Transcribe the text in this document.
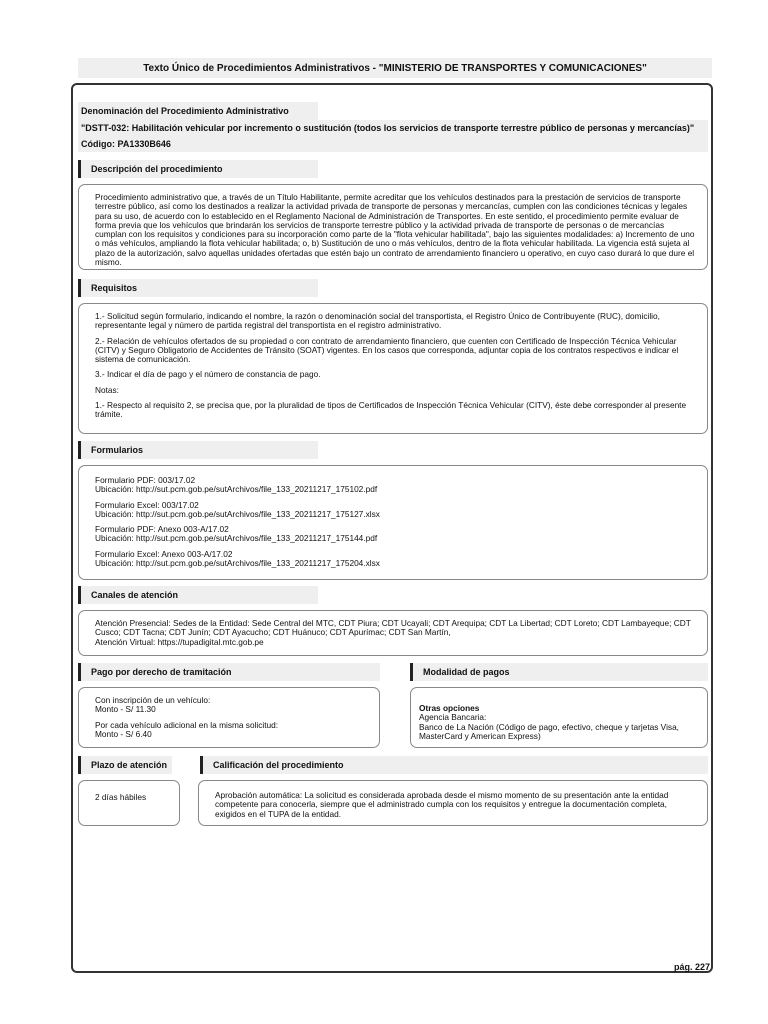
Texto Único de Procedimientos Administrativos - "MINISTERIO DE TRANSPORTES Y COMUNICACIONES"
Denominación del Procedimiento Administrativo
"DSTT-032: Habilitación vehicular por incremento o sustitución (todos los servicios de transporte terrestre público de personas y mercancías)"
Código: PA1330B646
Descripción del procedimiento

Procedimiento administrativo que, a través de un Título Habilitante, permite acreditar que los vehículos destinados para la prestación de servicios de transporte terrestre público, así como los destinados a realizar la actividad privada de transporte de personas y mercancías, cumplen con las condiciones técnicas y legales para su uso, de acuerdo con lo establecido en el Reglamento Nacional de Administración de Transportes. En este sentido, el procedimiento permite evaluar de forma previa que los vehículos que brindarán los servicios de transporte terrestre público y la actividad privada de transporte de personas o de mercancías cumplan con los requisitos y condiciones para su incorporación como parte de la "flota vehicular habilitada", bajo las siguientes modalidades: a) Incremento de uno o más vehículos, ampliando la flota vehicular habilitada; o, b) Sustitución de uno o más vehículos, dentro de la flota vehicular habilitada. La vigencia está sujeta al plazo de la autorización, salvo aquellas unidades ofertadas que estén bajo un contrato de arrendamiento financiero u operativo, en cuyo caso durará lo que dure el mismo.

Requisitos

1.- Solicitud según formulario, indicando el nombre, la razón o denominación social del transportista, el Registro Único de Contribuyente (RUC), domicilio, representante legal y número de partida registral del transportista en el registro administrativo.

2.- Relación de vehículos ofertados de su propiedad o con contrato de arrendamiento financiero, que cuenten con Certificado de Inspección Técnica Vehicular (CITV) y Seguro Obligatorio de Accidentes de Tránsito (SOAT) vigentes. En los casos que corresponda, adjuntar copia de los contratos respectivos e indicar el sistema de comunicación.

3.- Indicar el día de pago y el número de constancia de pago.

Notas:

1.- Respecto al requisito 2, se precisa que, por la pluralidad de tipos de Certificados de Inspección Técnica Vehicular (CITV), éste debe corresponder al presente trámite.

Formularios
Formulario PDF: 003/17.02
Ubicación: http://sut.pcm.gob.pe/sutArchivos/file_133_20211217_175102.pdf
Formulario Excel: 003/17.02
Ubicación: http://sut.pcm.gob.pe/sutArchivos/file_133_20211217_175127.xlsx
Formulario PDF: Anexo 003-A/17.02
Ubicación: http://sut.pcm.gob.pe/sutArchivos/file_133_20211217_175144.pdf
Formulario Excel: Anexo 003-A/17.02
Ubicación: http://sut.pcm.gob.pe/sutArchivos/file_133_20211217_175204.xlsx
Canales de atención

Atención Presencial: Sedes de la Entidad: Sede Central del MTC, CDT Piura; CDT Ucayali; CDT Arequipa; CDT La Libertad; CDT Loreto; CDT Lambayeque; CDT Cusco; CDT Tacna; CDT Junín; CDT Ayacucho; CDT Huánuco; CDT Apurímac; CDT San Martín,

Atención Virtual: https://tupadigital.mtc.gob.pe

Pago por derecho de tramitación
Con inscripción de un vehículo:
Monto - S/ 11.30
Por cada vehículo adicional en la misma solicitud:
Monto - S/ 6.40
Modalidad de pagos
Otras opciones
Agencia Bancaria:
Banco de La Nación (Código de pago, efectivo, cheque y tarjetas Visa, MasterCard y American Express)
Plazo de atención
2 días hábiles
Calificación del procedimiento

Aprobación automática: La solicitud es considerada aprobada desde el mismo momento de su presentación ante la entidad competente para conocerla, siempre que el administrado cumpla con los requisitos y entregue la documentación completa, exigidos en el TUPA de la entidad.

pág. 227
